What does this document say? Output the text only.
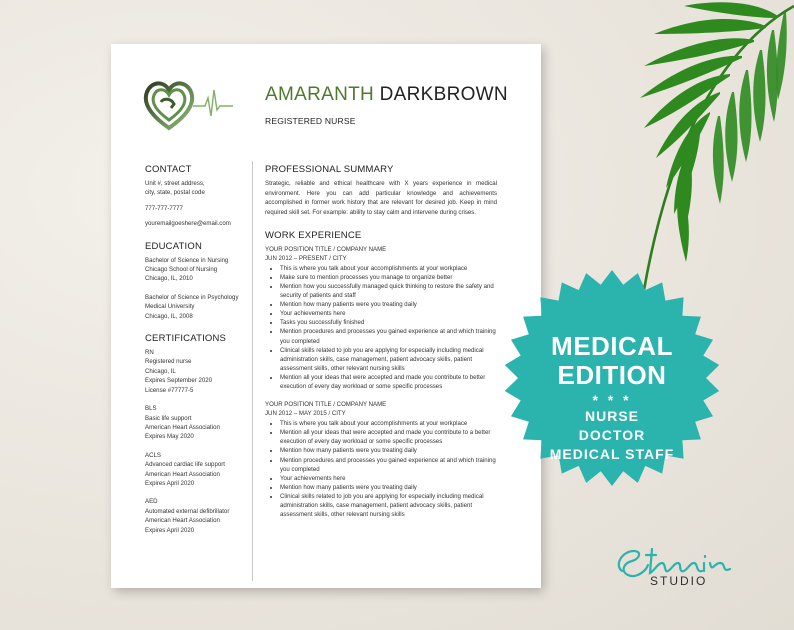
AMARANTH DARKBROWN
REGISTERED NURSE
CONTACT
Unit #, street address,
city, state, postal code
777-777-7777
youremailgoeshere@email.com
EDUCATION
Bachelor of Science in Nursing
Chicago School of Nursing
Chicago, IL, 2010
Bachelor of Science in Psychology
Medical University
Chicago, IL, 2008
CERTIFICATIONS
RN
Registered nurse
Chicago, IL
Expires September 2020
License #77777-5
BLS
Basic life support
American Heart Association
Expires May 2020
ACLS
Advanced cardiac life support
American Heart Association
Expires April 2020
AED
Automated external defibrillator
American Heart Association
Expires April 2020
PROFESSIONAL SUMMARY

Strategic, reliable and ethical healthcare with X years experience in medical environment. Here you can add particular knowledge and achievements accomplished in former work history that are relevant for desired job. Keep in mind required skill set. For example: ability to stay calm and intervene during crises.

WORK EXPERIENCE
YOUR POSITION TITLE / COMPANY NAME
JUN 2012 – PRESENT / CITY
• This is where you talk about your accomplishments at your workplace
• Make sure to mention processes you manage to organize better
• Mention how you successfully managed quick thinking to restore the safety and security of patients and staff
• Mention how many patients were you treating daily
• Your achievements here
• Tasks you successfully finished
• Mention procedures and processes you gained experience at and which training you completed
• Clinical skills related to job you are applying for especially including medical administration skills, case management, patient advocacy skills, patient assessment skills, other relevant nursing skills
• Mention all your ideas that were accepted and made you contribute to better execution of every day workload or some specific processes
YOUR POSITION TITLE / COMPANY NAME
JUN 2012 – MAY 2015 / CITY
• This is where you talk about your accomplishments at your workplace
• Mention all your ideas that were accepted and made you contribute to a better execution of every day workload or some specific processes
• Mention how many patients were you treating daily
• Mention procedures and processes you gained experience at and which training you completed
• Your achievements here
• Mention how many patients were you treating daily
• Clinical skills related to job you are applying for especially including medical administration skills, case management, patient advocacy skills, patient assessment skills, other relevant nursing skills
MEDICAL
EDITION
* * *
NURSE
DOCTOR
MEDICAL STAFF
STUDIO
